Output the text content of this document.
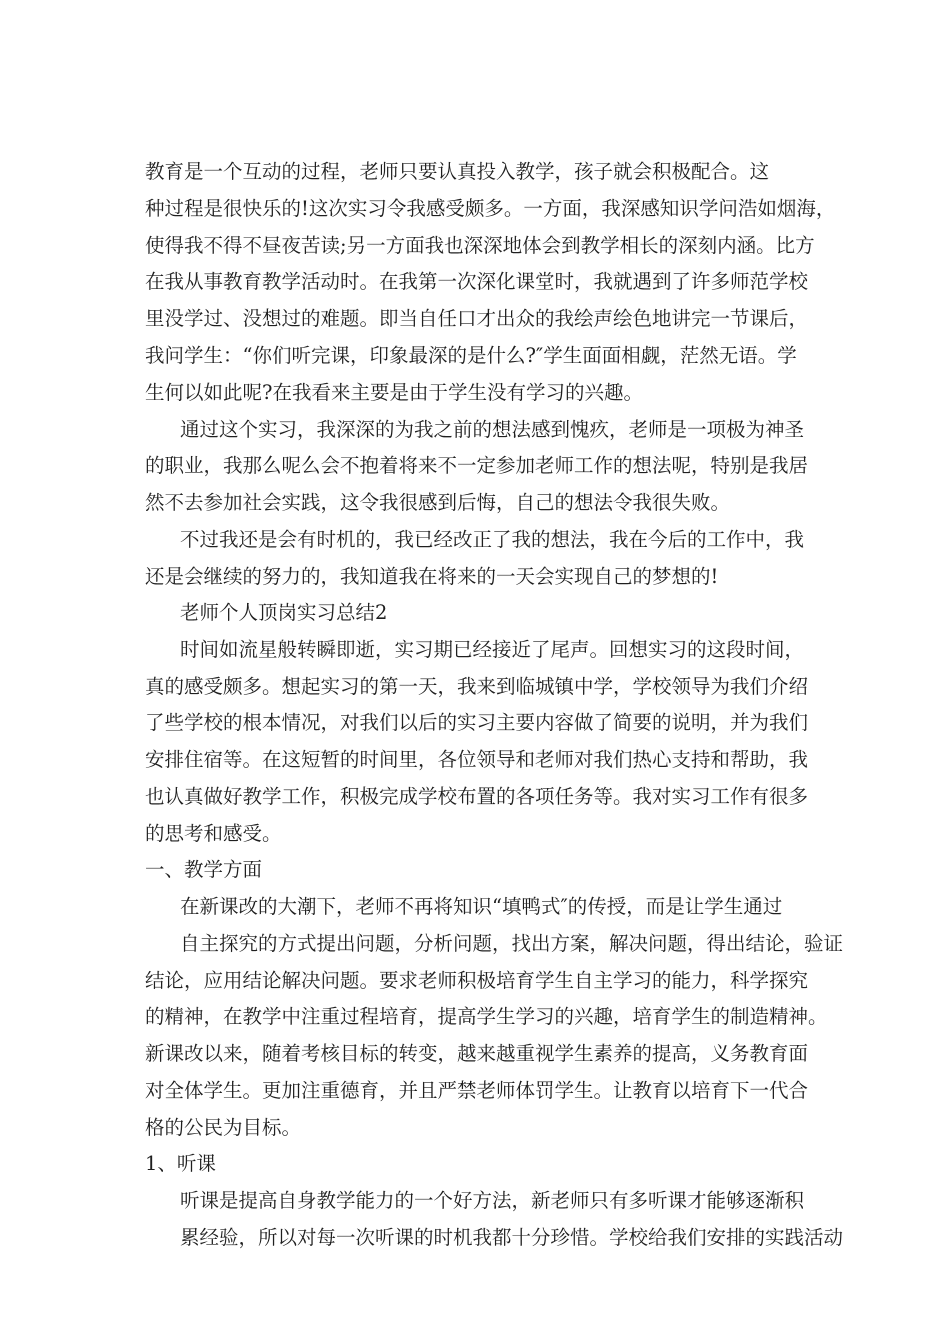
教育是一个互动的过程，老师只要认真投入教学，孩子就会积极配合。这
种过程是很快乐的!这次实习令我感受颇多。一方面，我深感知识学问浩如烟海，
使得我不得不昼夜苦读;另一方面我也深深地体会到教学相长的深刻内涵。比方
在我从事教育教学活动时。在我第一次深化课堂时，我就遇到了许多师范学校
里没学过、没想过的难题。即当自任口才出众的我绘声绘色地讲完一节课后，
我问学生：“你们听完课，印象最深的是什么?″学生面面相觑，茫然无语。学
生何以如此呢?在我看来主要是由于学生没有学习的兴趣。
通过这个实习，我深深的为我之前的想法感到愧疚，老师是一项极为神圣
的职业，我那么呢么会不抱着将来不一定参加老师工作的想法呢，特别是我居
然不去参加社会实践，这令我很感到后悔，自己的想法令我很失败。
不过我还是会有时机的，我已经改正了我的想法，我在今后的工作中，我
还是会继续的努力的，我知道我在将来的一天会实现自己的梦想的!
老师个人顶岗实习总结2
时间如流星般转瞬即逝，实习期已经接近了尾声。回想实习的这段时间，
真的感受颇多。想起实习的第一天，我来到临城镇中学，学校领导为我们介绍
了些学校的根本情况，对我们以后的实习主要内容做了简要的说明，并为我们
安排住宿等。在这短暂的时间里，各位领导和老师对我们热心支持和帮助，我
也认真做好教学工作，积极完成学校布置的各项任务等。我对实习工作有很多
的思考和感受。
一、教学方面
在新课改的大潮下，老师不再将知识“填鸭式″的传授，而是让学生通过
自主探究的方式提出问题，分析问题，找出方案，解决问题，得出结论，验证
结论，应用结论解决问题。要求老师积极培育学生自主学习的能力，科学探究
的精神，在教学中注重过程培育，提高学生学习的兴趣，培育学生的制造精神。
新课改以来，随着考核目标的转变，越来越重视学生素养的提高，义务教育面
对全体学生。更加注重德育，并且严禁老师体罚学生。让教育以培育下一代合
格的公民为目标。
1、听课
听课是提高自身教学能力的一个好方法，新老师只有多听课才能够逐渐积
累经验，所以对每一次听课的时机我都十分珍惜。学校给我们安排的实践活动
